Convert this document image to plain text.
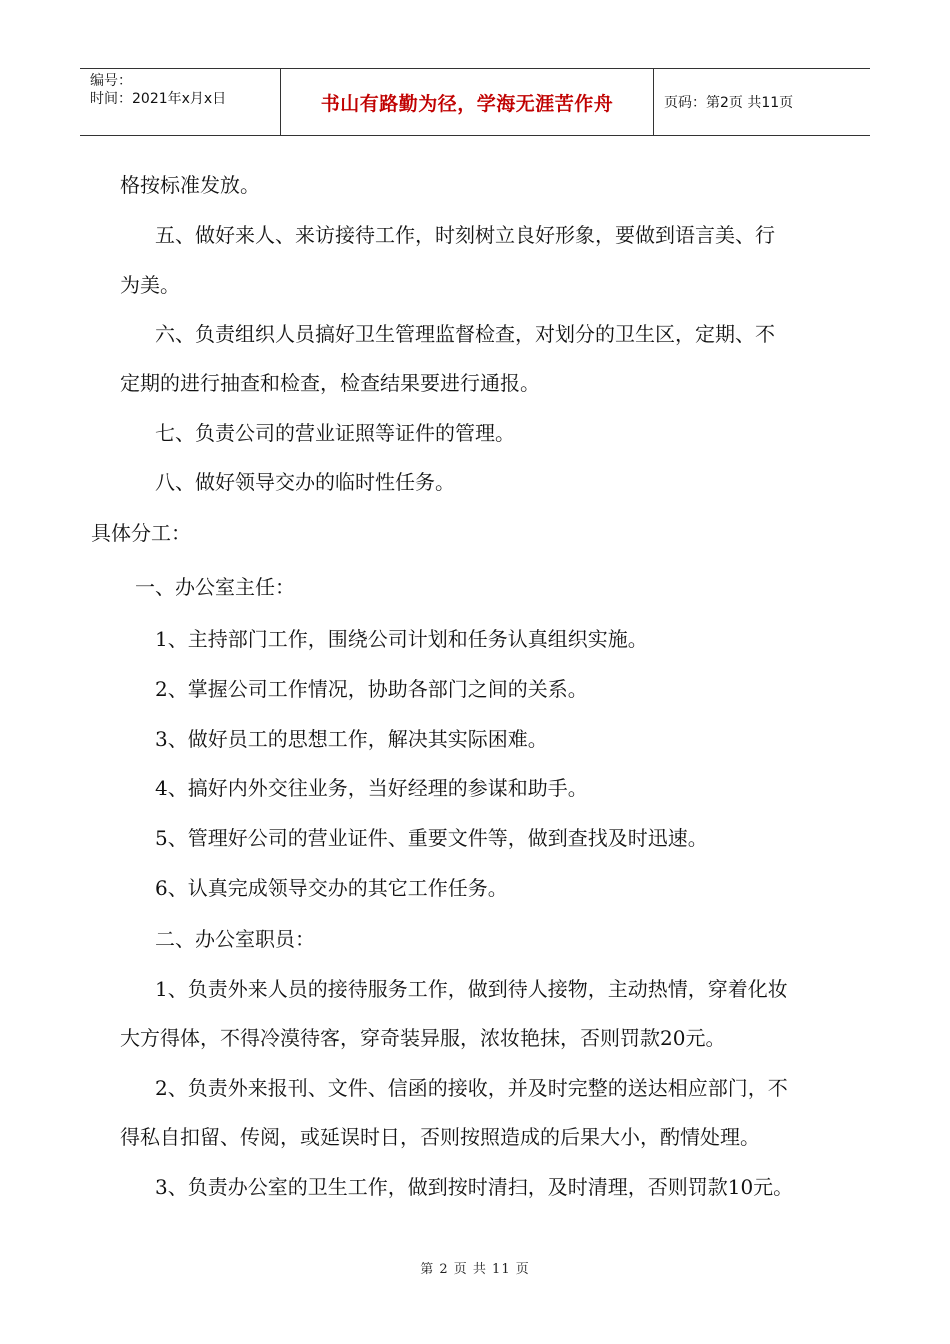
编号：
时间：2021年x月x日	书山有路勤为径，学海无涯苦作舟	页码：第2页 共11页
格按标准发放。
五、做好来人、来访接待工作，时刻树立良好形象，要做到语言美、行
为美。
六、负责组织人员搞好卫生管理监督检查，对划分的卫生区，定期、不
定期的进行抽查和检查，检查结果要进行通报。
七、负责公司的营业证照等证件的管理。
八、做好领导交办的临时性任务。
具体分工：
一、办公室主任：
1、主持部门工作，围绕公司计划和任务认真组织实施。
2、掌握公司工作情况，协助各部门之间的关系。
3、做好员工的思想工作，解决其实际困难。
4、搞好内外交往业务，当好经理的参谋和助手。
5、管理好公司的营业证件、重要文件等，做到查找及时迅速。
6、认真完成领导交办的其它工作任务。
二、办公室职员：
1、负责外来人员的接待服务工作，做到待人接物，主动热情，穿着化妆
大方得体，不得冷漠待客，穿奇装异服，浓妆艳抹，否则罚款20元。
2、负责外来报刊、文件、信函的接收，并及时完整的送达相应部门，不
得私自扣留、传阅，或延误时日，否则按照造成的后果大小，酌情处理。
3、负责办公室的卫生工作，做到按时清扫，及时清理，否则罚款10元。
第 2 页 共 11 页
